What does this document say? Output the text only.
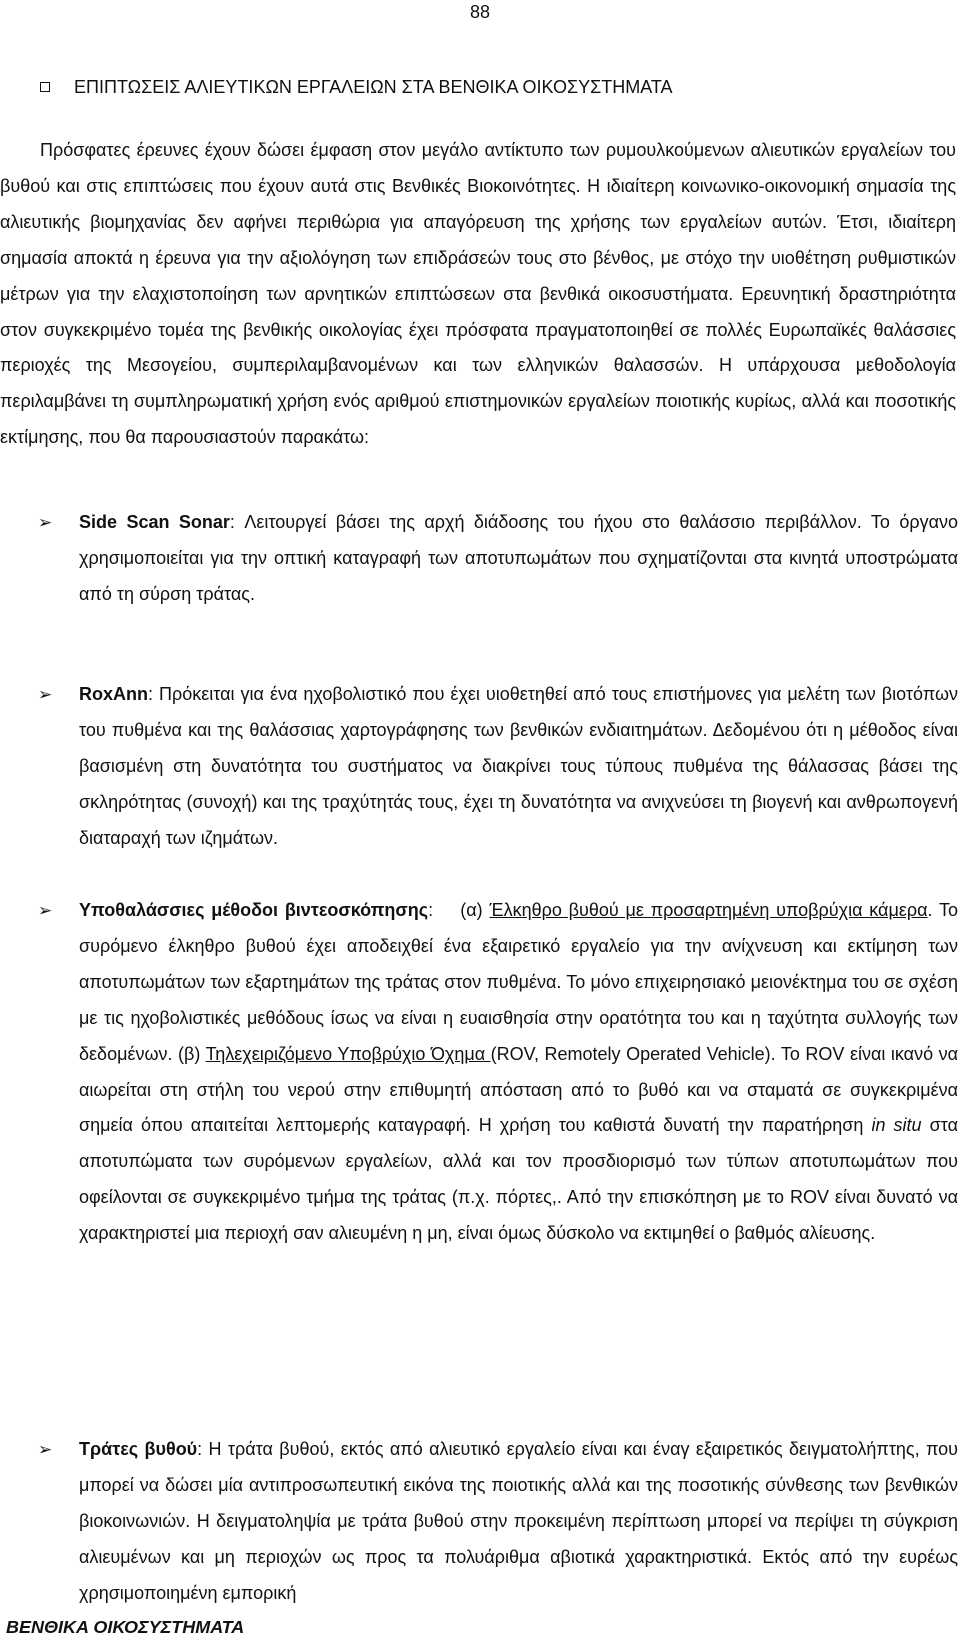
88
ΕΠΙΠΤΩΣΕΙΣ ΑΛΙΕΥΤΙΚΩΝ ΕΡΓΑΛΕΙΩΝ ΣΤΑ ΒΕΝΘΙΚΑ ΟΙΚΟΣΥΣΤΗΜΑΤΑ
Πρόσφατες έρευνες έχουν δώσει έμφαση στον μεγάλο αντίκτυπο των ρυμουλκούμενων αλιευτικών εργαλείων του βυθού και στις επιπτώσεις που έχουν αυτά στις Βενθικές Βιοκοινότητες. Η ιδιαίτερη κοινωνικο-οικονομική σημασία της αλιευτικής βιομηχανίας δεν αφήνει περιθώρια για απαγόρευση της χρήσης των εργαλείων αυτών. Έτσι, ιδιαίτερη σημασία αποκτά η έρευνα για την αξιολόγηση των επιδράσεών τους στο βένθος, με στόχο την υιοθέτηση ρυθμιστικών μέτρων για την ελαχιστοποίηση των αρνητικών επιπτώσεων στα βενθικά οικοσυστήματα. Ερευνητική δραστηριότητα στον συγκεκριμένο τομέα της βενθικής οικολογίας έχει πρόσφατα πραγματοποιηθεί σε πολλές Ευρωπαϊκές θαλάσσιες περιοχές της Μεσογείου, συμπεριλαμβανομένων και των ελληνικών θαλασσών. Η υπάρχουσα μεθοδολογία περιλαμβάνει τη συμπληρωματική χρήση ενός αριθμού επιστημονικών εργαλείων ποιοτικής κυρίως, αλλά και ποσοτικής εκτίμησης, που θα παρουσιαστούν παρακάτω:
➢ Side Scan Sonar: Λειτουργεί βάσει της αρχή διάδοσης του ήχου στο θαλάσσιο περιβάλλον. Το όργανο χρησιμοποιείται για την οπτική καταγραφή των αποτυπωμάτων που σχηματίζονται στα κινητά υποστρώματα από τη σύρση τράτας.
➢ RoxAnn: Πρόκειται για ένα ηχοβολιστικό που έχει υιοθετηθεί από τους επιστήμονες για μελέτη των βιοτόπων του πυθμένα και της θαλάσσιας χαρτογράφησης των βενθικών ενδιαιτημάτων. Δεδομένου ότι η μέθοδος είναι βασισμένη στη δυνατότητα του συστήματος να διακρίνει τους τύπους πυθμένα της θάλασσας βάσει της σκληρότητας (συνοχή) και της τραχύτητάς τους, έχει τη δυνατότητα να ανιχνεύσει τη βιογενή και ανθρωπογενή διαταραχή των ιζημάτων.
➢ Υποθαλάσσιες μέθοδοι βιντεοσκόπησης:    (α) Έλκηθρο βυθού με προσαρτημένη υποβρύχια κάμερα. Το συρόμενο έλκηθρο βυθού έχει αποδειχθεί ένα εξαιρετικό εργαλείο για την ανίχνευση και εκτίμηση των αποτυπωμάτων των εξαρτημάτων της τράτας στον πυθμένα. Το μόνο επιχειρησιακό μειονέκτημα του σε σχέση με τις ηχοβολιστικές μεθόδους ίσως να είναι η ευαισθησία στην ορατότητα του και η ταχύτητα συλλογής των δεδομένων. (β) Τηλεχειριζόμενο Υποβρύχιο Όχημα (ROV, Remotely Operated Vehicle). Το ROV είναι ικανό να αιωρείται στη στήλη του νερού στην επιθυμητή απόσταση από το βυθό και να σταματά σε συγκεκριμένα σημεία όπου απαιτείται λεπτομερής καταγραφή. Η χρήση του καθιστά δυνατή την παρατήρηση in situ στα αποτυπώματα των συρόμενων εργαλείων, αλλά και τον προσδιορισμό των τύπων αποτυπωμάτων που οφείλονται σε συγκεκριμένο τμήμα της τράτας (π.χ. πόρτες,. Από την επισκόπηση με το ROV είναι δυνατό να χαρακτηριστεί μια περιοχή σαν αλιευμένη η μη, είναι όμως δύσκολο να εκτιμηθεί ο βαθμός αλίευσης.
➢ Τράτες βυθού: Η τράτα βυθού, εκτός από αλιευτικό εργαλείο είναι και έναγ εξαιρετικός δειγματολήπτης, που μπορεί να δώσει μία αντιπροσωπευτική εικόνα της ποιοτικής αλλά και της ποσοτικής σύνθεσης των βενθικών βιοκοινωνιών. Η δειγματοληψία με τράτα βυθού στην προκειμένη περίπτωση μπορεί να περίψει τη σύγκριση αλιευμένων και μη περιοχών ως προς τα πολυάριθμα αβιοτικά χαρακτηριστικά. Εκτός από την ευρέως χρησιμοποιημένη εμπορική
ΒΕΝΘΙΚΑ ΟΙΚΟΣΥΣΤΗΜΑΤΑ
